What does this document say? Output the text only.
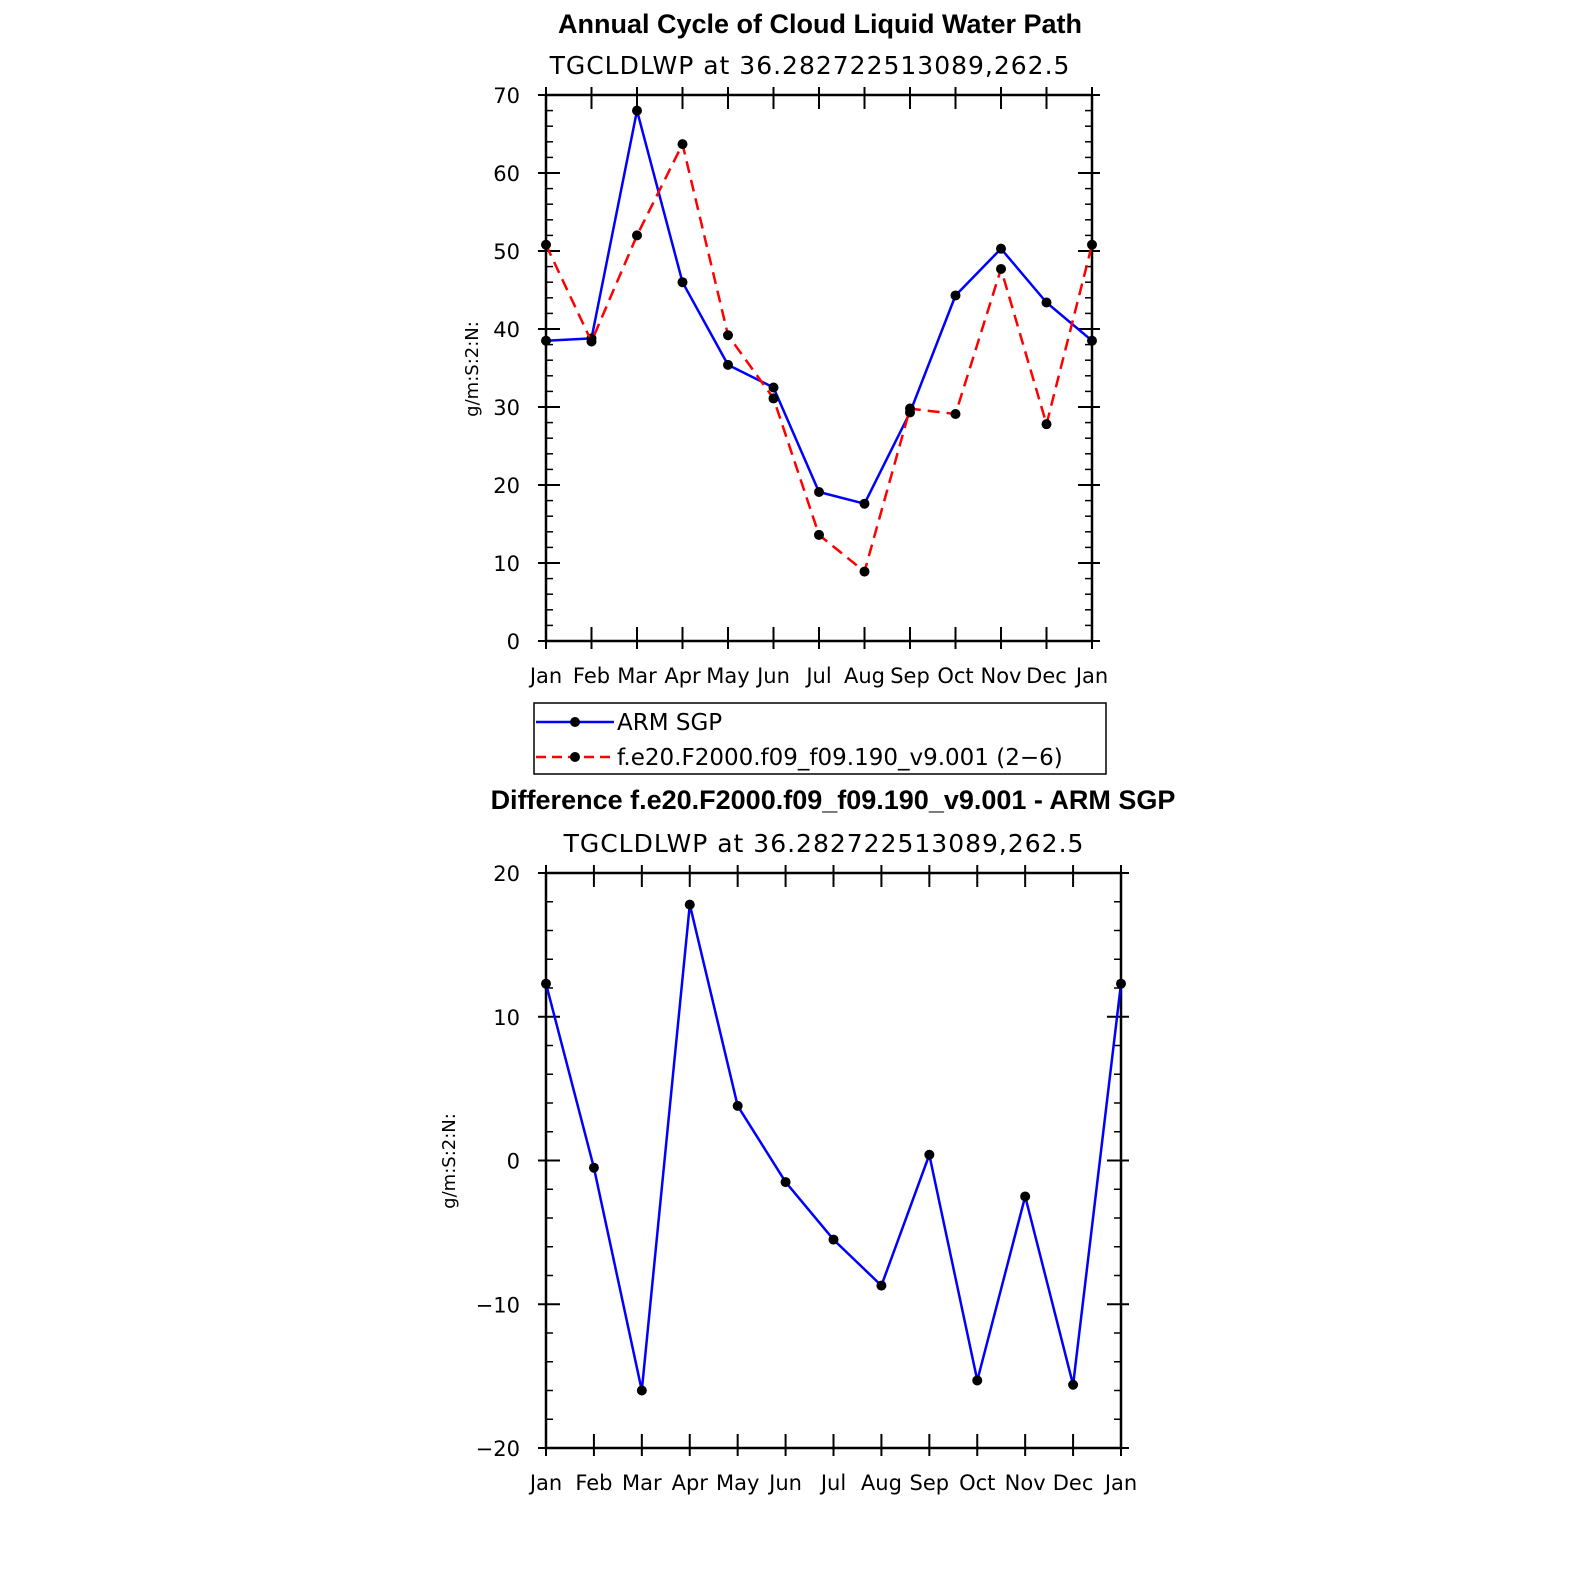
Annual Cycle of Cloud Liquid Water Path
TGCLDLWP at 36.282722513089,262.5
g/m:S:2:N:
0
10
20
30
40
50
60
70
Jan Feb Mar Apr May Jun Jul Aug Sep Oct Nov Dec Jan
ARM SGP
f.e20.F2000.f09_f09.190_v9.001 (2−6)
Difference f.e20.F2000.f09_f09.190_v9.001 - ARM SGP
TGCLDLWP at 36.282722513089,262.5
g/m:S:2:N:
−20
−10
0
10
20
Jan Feb Mar Apr May Jun Jul Aug Sep Oct Nov Dec Jan
